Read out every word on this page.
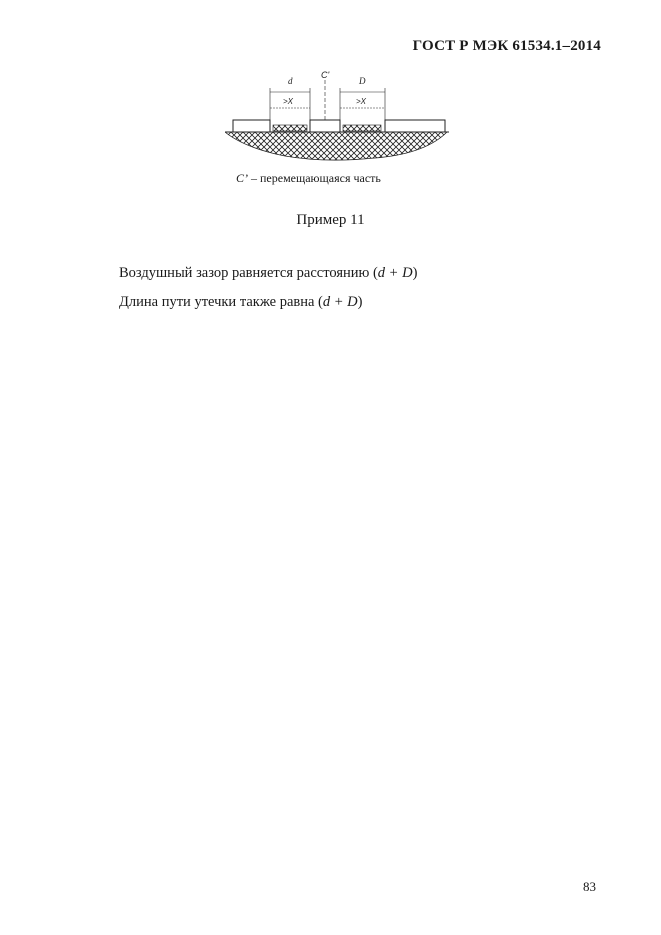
ГОСТ Р МЭК 61534.1–2014
d
C'
D
>X	>X
C’ – перемещающаяся часть
Пример 11
Воздушный зазор равняется расстоянию (d + D)
Длина пути утечки также равна (d + D)
83
